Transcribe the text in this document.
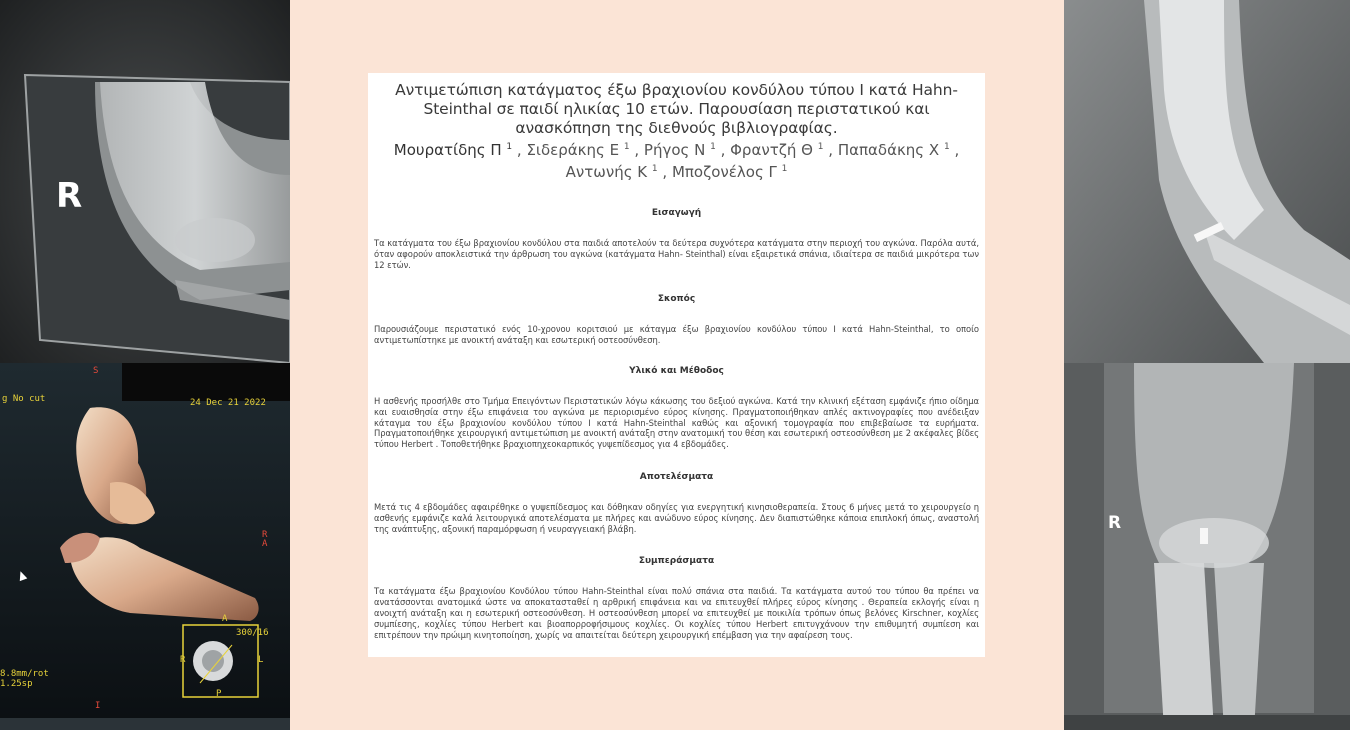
R
g No cut
S
24 Dec 21 2022
R
A
300/16
A
P
R	L
8.8mm/rot
1.25sp
I
Αντιμετώπιση κατάγματος έξω βραχιονίου κονδύλου τύπου Ι κατά Hahn- Steinthal σε παιδί ηλικίας 10 ετών. Παρουσίαση περιστατικού και ανασκόπηση της διεθνούς βιβλιογραφίας.
Μουρατίδης Π $^1$ , Σιδεράκης Ε $^1$ , Ρήγος Ν $^1$ , Φραντζή Θ $^1$ , Παπαδάκης Χ $^1$ , Αντωνής Κ $^1$ , Μποζονέλος Γ $^1$
Εισαγωγή

Τα κατάγματα του έξω βραχιονίου κονδύλου στα παιδιά αποτελούν τα δεύτερα συχνότερα κατάγματα στην περιοχή του αγκώνα. Παρόλα αυτά, όταν αφορούν αποκλειστικά την άρθρωση του αγκώνα (κατάγματα Hahn- Steinthal) είναι εξαιρετικά σπάνια, ιδιαίτερα σε παιδιά μικρότερα των 12 ετών.

Σκοπός

Παρουσιάζουμε περιστατικό ενός 10-χρονου κοριτσιού με κάταγμα έξω βραχιονίου κονδύλου τύπου Ι κατά Hahn-Steinthal, το οποίο αντιμετωπίστηκε με ανοικτή ανάταξη και εσωτερική οστεοσύνθεση.

Υλικό και Μέθοδος

Η ασθενής προσήλθε στο Τμήμα Επειγόντων Περιστατικών λόγω κάκωσης του δεξιού αγκώνα. Κατά την κλινική εξέταση εμφάνιζε ήπιο οίδημα και ευαισθησία στην έξω επιφάνεια του αγκώνα με περιορισμένο εύρος κίνησης. Πραγματοποιήθηκαν απλές ακτινογραφίες που ανέδειξαν κάταγμα του έξω βραχιονίου κονδύλου τύπου Ι κατά Hahn-Steinthal καθώς και αξονική τομογραφία που επιβεβαίωσε τα ευρήματα. Πραγματοποιήθηκε χειρουργική αντιμετώπιση με ανοικτή ανάταξη στην ανατομική του θέση και εσωτερική οστεοσύνθεση με 2 ακέφαλες βίδες τύπου Herbert . Τοποθετήθηκε βραχιοπηχεοκαρπικός γυψεπίδεσμος για 4 εβδομάδες.

Αποτελέσματα

Μετά τις 4 εβδομάδες αφαιρέθηκε ο γυψεπίδεσμος και δόθηκαν οδηγίες για ενεργητική κινησιοθεραπεία. Στους 6 μήνες μετά το χειρουργείο η ασθενής εμφάνιζε καλά λειτουργικά αποτελέσματα με πλήρες και ανώδυνο εύρος κίνησης. Δεν διαπιστώθηκε κάποια επιπλοκή όπως, αναστολή της ανάπτυξης, αξονική παραμόρφωση ή νευραγγειακή βλάβη.

Συμπεράσματα

Τα κατάγματα έξω βραχιονίου Κονδύλου τύπου Hahn-Steinthal είναι πολύ σπάνια στα παιδιά. Τα κατάγματα αυτού του τύπου θα πρέπει να ανατάσσονται ανατομικά ώστε να αποκατασταθεί η αρθρική επιφάνεια και να επιτευχθεί πλήρες εύρος κίνησης . Θεραπεία εκλογής είναι η ανοιχτή ανάταξη και η εσωτερική οστεοσύνθεση. Η οστεοσύνθεση μπορεί να επιτευχθεί με ποικιλία τρόπων όπως βελόνες Kirschner, κοχλίες συμπίεσης, κοχλίες τύπου Herbert και βιοαπορροφήσιμους κοχλίες. Οι κοχλίες τύπου Herbert επιτυγχάνουν την επιθυμητή συμπίεση και επιτρέπουν την πρώιμη κινητοποίηση, χωρίς να απαιτείται δεύτερη χειρουργική επέμβαση για την αφαίρεση τους.

R
